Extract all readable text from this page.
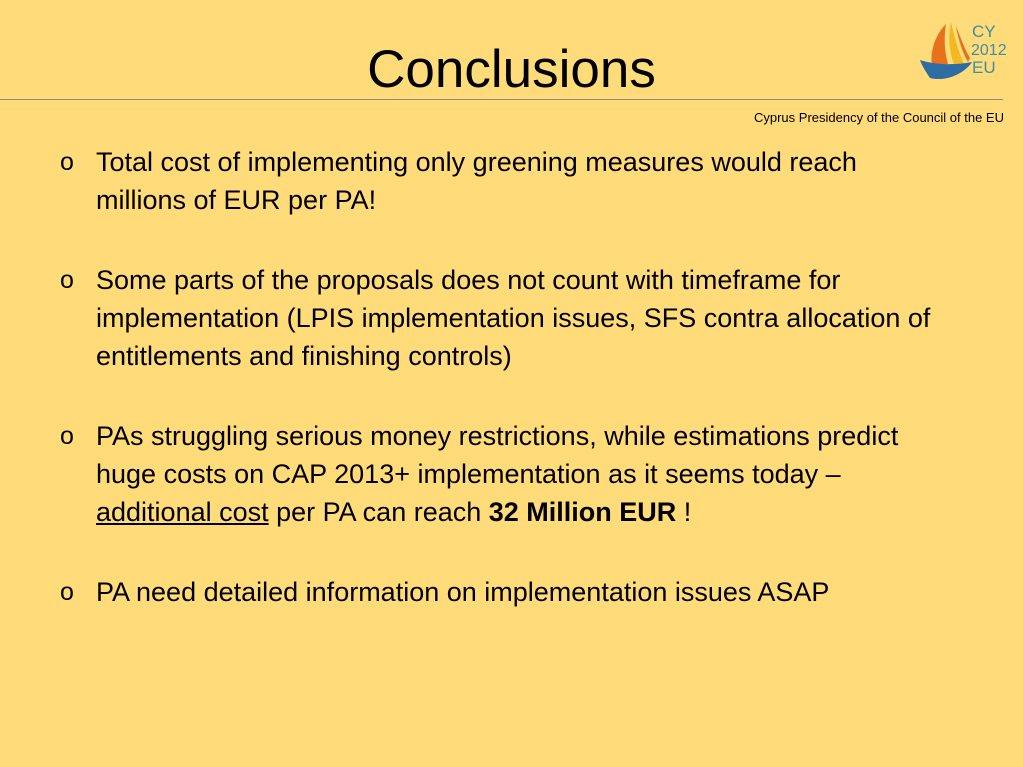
Conclusions
CY
2012
EU
Cyprus Presidency of the Council of the EU
o Total cost of implementing only greening measures would reach millions of EUR per PA!
o Some parts of the proposals does not count with timeframe for implementation (LPIS implementation issues, SFS contra allocation of entitlements and finishing controls)
o PAs struggling serious money restrictions, while estimations predict huge costs on CAP 2013+ implementation as it seems today – additional cost per PA can reach 32 Million EUR !
o PA need detailed information on implementation issues ASAP
